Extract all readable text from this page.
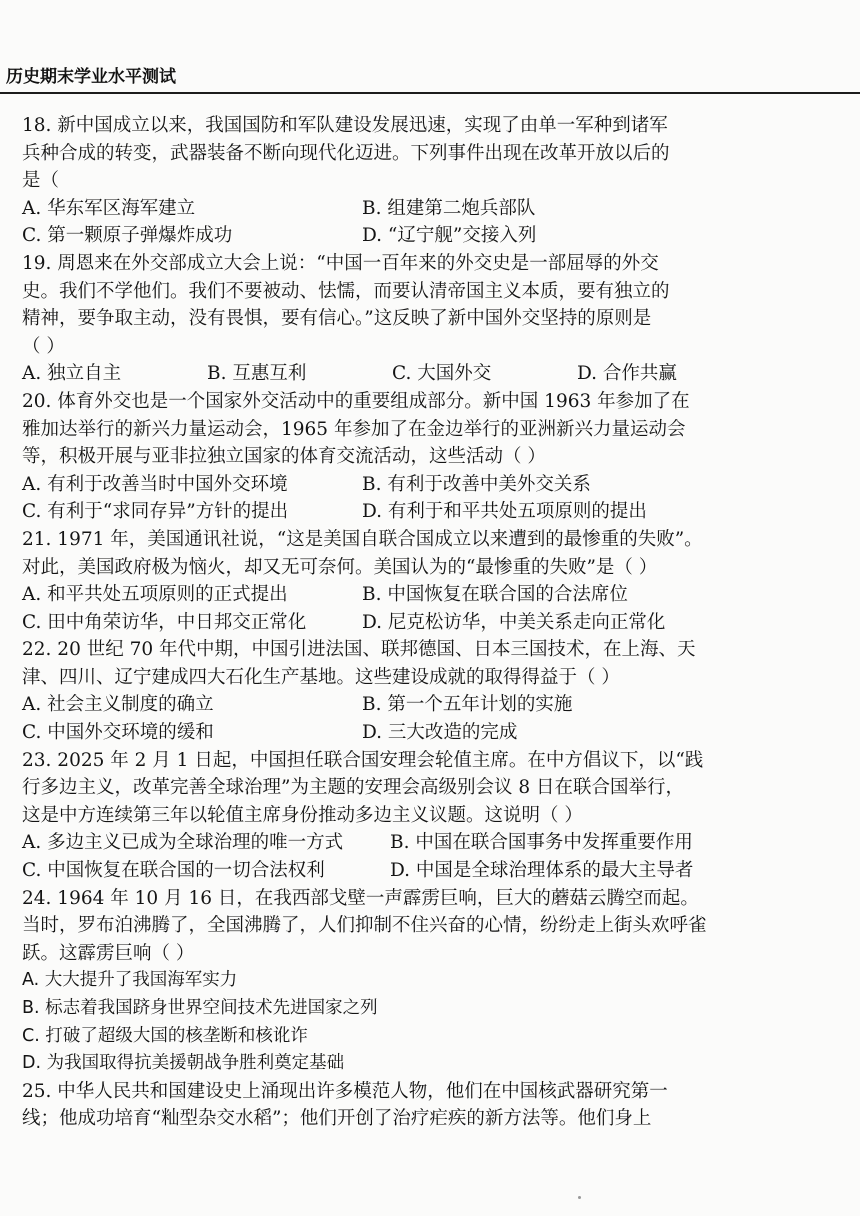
历史期末学业水平测试
18. 新中国成立以来，我国国防和军队建设发展迅速，实现了由单一军种到诸军
兵种合成的转变，武器装备不断向现代化迈进。下列事件出现在改革开放以后的
是（
A. 华东军区海军建立	B. 组建第二炮兵部队
C. 第一颗原子弹爆炸成功	D. “辽宁舰”交接入列
19. 周恩来在外交部成立大会上说：“中国一百年来的外交史是一部屈辱的外交
史。我们不学他们。我们不要被动、怯懦，而要认清帝国主义本质，要有独立的
精神，要争取主动，没有畏惧，要有信心。”这反映了新中国外交坚持的原则是
（ ）
A. 独立自主	B. 互惠互利	C. 大国外交	D. 合作共赢
20. 体育外交也是一个国家外交活动中的重要组成部分。新中国 1963 年参加了在
雅加达举行的新兴力量运动会，1965 年参加了在金边举行的亚洲新兴力量运动会
等，积极开展与亚非拉独立国家的体育交流活动，这些活动（ ）
A. 有利于改善当时中国外交环境	B. 有利于改善中美外交关系
C. 有利于“求同存异”方针的提出	D. 有利于和平共处五项原则的提出
21. 1971 年，美国通讯社说，“这是美国自联合国成立以来遭到的最惨重的失败”。
对此，美国政府极为恼火，却又无可奈何。美国认为的“最惨重的失败”是（ ）
A. 和平共处五项原则的正式提出	B. 中国恢复在联合国的合法席位
C. 田中角荣访华，中日邦交正常化	D. 尼克松访华，中美关系走向正常化
22. 20 世纪 70 年代中期，中国引进法国、联邦德国、日本三国技术，在上海、天
津、四川、辽宁建成四大石化生产基地。这些建设成就的取得得益于（ ）
A. 社会主义制度的确立	B. 第一个五年计划的实施
C. 中国外交环境的缓和	D. 三大改造的完成
23. 2025 年 2 月 1 日起，中国担任联合国安理会轮值主席。在中方倡议下，以“践
行多边主义，改革完善全球治理”为主题的安理会高级别会议 8 日在联合国举行，
这是中方连续第三年以轮值主席身份推动多边主义议题。这说明（ ）
A. 多边主义已成为全球治理的唯一方式	B. 中国在联合国事务中发挥重要作用
C. 中国恢复在联合国的一切合法权利	D. 中国是全球治理体系的最大主导者
24. 1964 年 10 月 16 日，在我西部戈壁一声霹雳巨响，巨大的蘑菇云腾空而起。
当时，罗布泊沸腾了，全国沸腾了，人们抑制不住兴奋的心情，纷纷走上街头欢呼雀
跃。这霹雳巨响（ ）
A. 大大提升了我国海军实力
B. 标志着我国跻身世界空间技术先进国家之列
C. 打破了超级大国的核垄断和核讹诈
D. 为我国取得抗美援朝战争胜利奠定基础
25. 中华人民共和国建设史上涌现出许多模范人物，他们在中国核武器研究第一
线；他成功培育“籼型杂交水稻”；他们开创了治疗疟疾的新方法等。他们身上
